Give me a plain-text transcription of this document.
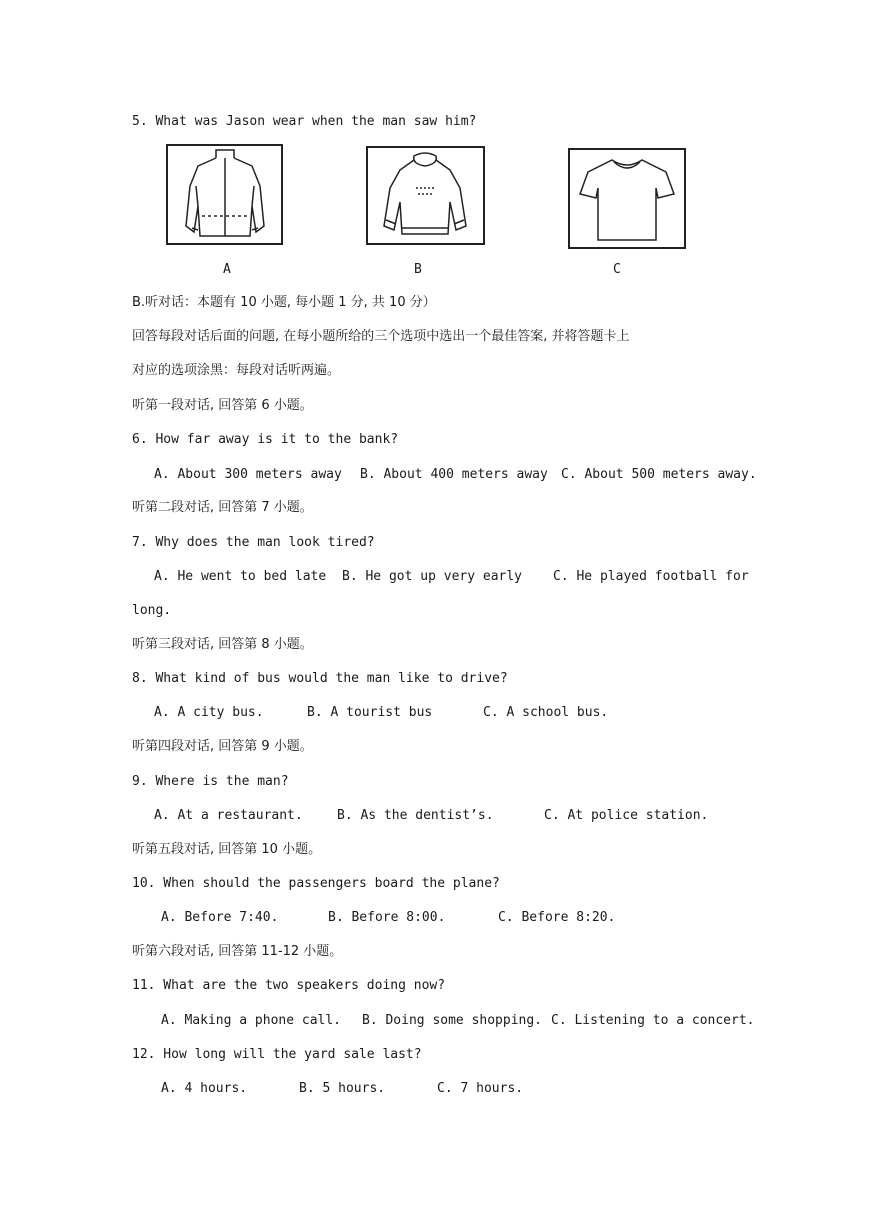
5. What was Jason wear when the man saw him?
A	B	C
B.听对话：本题有 10 小题, 每小题 1 分, 共 10 分）
回答每段对话后面的问题, 在每小题所给的三个选项中选出一个最佳答案, 并将答题卡上
对应的选项涂黑：每段对话听两遍。
听第一段对话, 回答第 6 小题。
6. How far away is it to the bank?
A. About 300 meters away B. About 400 meters away C. About 500 meters away.
听第二段对话, 回答第 7 小题。
7. Why does the man look tired?
A. He went to bed late B. He got up very early C. He played football for
long.
听第三段对话, 回答第 8 小题。
8. What kind of bus would the man like to drive?
A. A city bus.	B. A tourist bus	C. A school bus.
听第四段对话, 回答第 9 小题。
9. Where is the man?
A. At a restaurant.	B. As the dentist’s.	C. At police station.
听第五段对话, 回答第 10 小题。
10. When should the passengers board the plane?
A. Before 7:40.	B. Before 8:00.	C. Before 8:20.
听第六段对话, 回答第 11-12 小题。
11. What are the two speakers doing now?
A. Making a phone call. B. Doing some shopping. C. Listening to a concert.
12. How long will the yard sale last?
A. 4 hours.	B. 5 hours.	C. 7 hours.
